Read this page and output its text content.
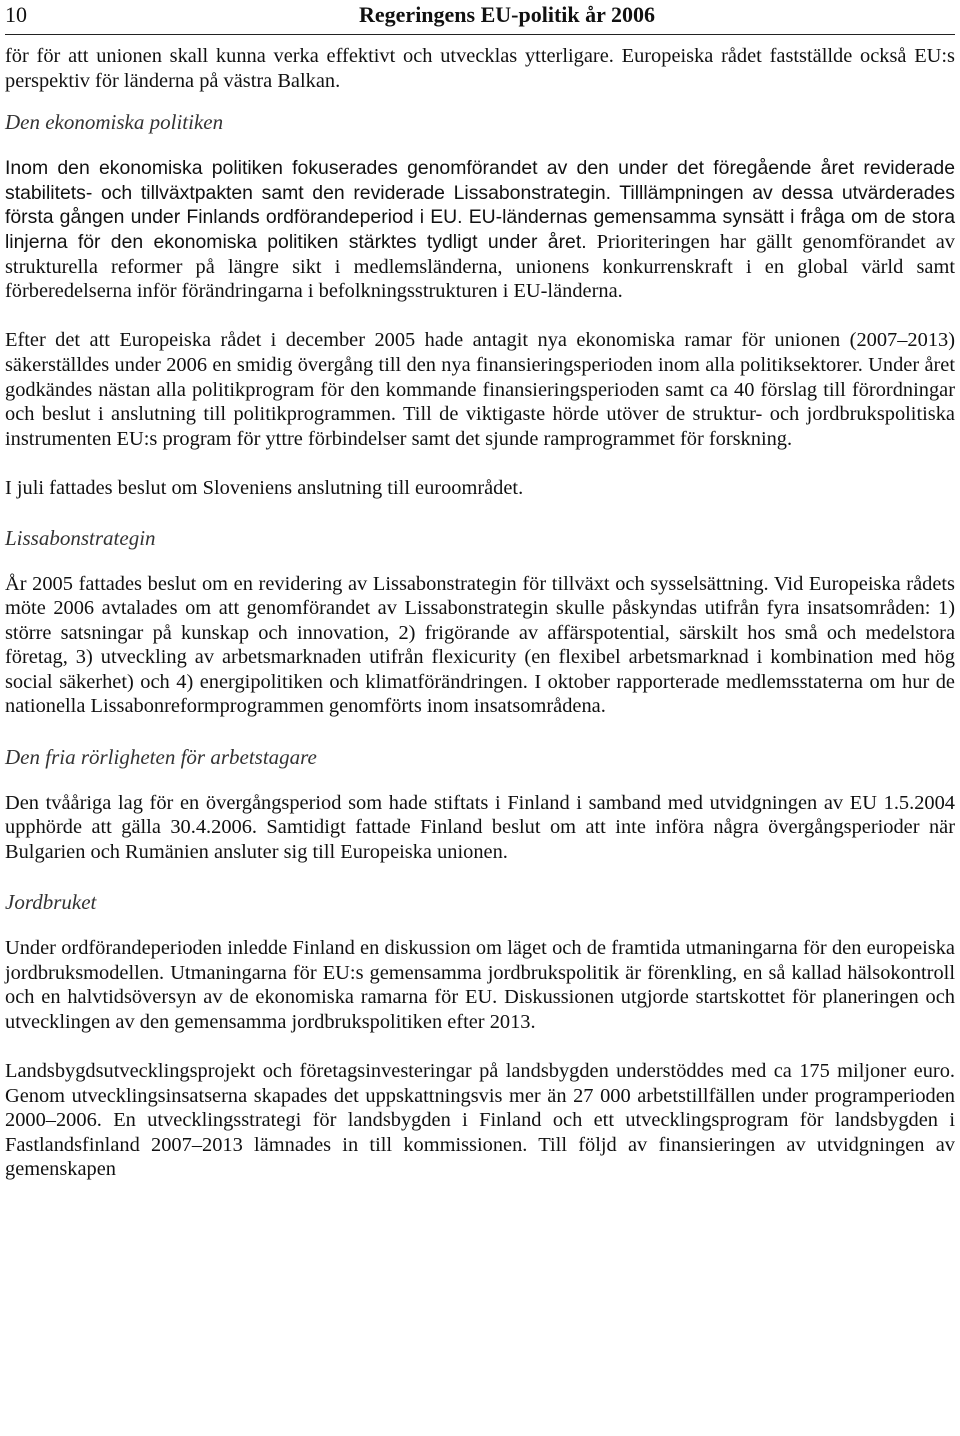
10	Regeringens EU-politik år 2006

för för att unionen skall kunna verka effektivt och utvecklas ytterligare. Europeiska rådet fastställde också EU:s perspektiv för länderna på västra Balkan.

Den ekonomiska politiken

Inom den ekonomiska politiken fokuserades genomförandet av den under det föregående året reviderade stabilitets- och tillväxtpakten samt den reviderade Lissabonstrategin. Tilllämpningen av dessa utvärderades första gången under Finlands ordförandeperiod i EU. EU-ländernas gemensamma synsätt i fråga om de stora linjerna för den ekonomiska politiken stärktes tydligt under året. Prioriteringen har gällt genomförandet av strukturella reformer på längre sikt i medlemsländerna, unionens konkurrenskraft i en global värld samt förberedelserna inför förändringarna i befolkningsstrukturen i EU-länderna.

Efter det att Europeiska rådet i december 2005 hade antagit nya ekonomiska ramar för unionen (2007–2013) säkerställdes under 2006 en smidig övergång till den nya finansieringsperioden inom alla politiksektorer. Under året godkändes nästan alla politikprogram för den kommande finansieringsperioden samt ca 40 förslag till förordningar och beslut i anslutning till politikprogrammen. Till de viktigaste hörde utöver de struktur- och jordbrukspolitiska instrumenten EU:s program för yttre förbindelser samt det sjunde ramprogrammet för forskning.

I juli fattades beslut om Sloveniens anslutning till euroområdet.

Lissabonstrategin

År 2005 fattades beslut om en revidering av Lissabonstrategin för tillväxt och sysselsättning. Vid Europeiska rådets möte 2006 avtalades om att genomförandet av Lissabonstrategin skulle påskyndas utifrån fyra insatsområden: 1) större satsningar på kunskap och innovation, 2) frigörande av affärspotential, särskilt hos små och medelstora företag, 3) utveckling av arbetsmarknaden utifrån flexicurity (en flexibel arbetsmarknad i kombination med hög social säkerhet) och 4) energipolitiken och klimatförändringen. I oktober rapporterade medlemsstaterna om hur de nationella Lissabonreformprogrammen genomförts inom insatsområdena.

Den fria rörligheten för arbetstagare

Den tvååriga lag för en övergångsperiod som hade stiftats i Finland i samband med utvidgningen av EU 1.5.2004 upphörde att gälla 30.4.2006. Samtidigt fattade Finland beslut om att inte införa några övergångsperioder när Bulgarien och Rumänien ansluter sig till Europeiska unionen.

Jordbruket

Under ordförandeperioden inledde Finland en diskussion om läget och de framtida utmaningarna för den europeiska jordbruksmodellen. Utmaningarna för EU:s gemensamma jordbrukspolitik är förenkling, en så kallad hälsokontroll och en halvtidsöversyn av de ekonomiska ramarna för EU. Diskussionen utgjorde startskottet för planeringen och utvecklingen av den gemensamma jordbrukspolitiken efter 2013.

Landsbygdsutvecklingsprojekt och företagsinvesteringar på landsbygden understöddes med ca 175 miljoner euro. Genom utvecklingsinsatserna skapades det uppskattningsvis mer än 27 000 arbetstillfällen under programperioden 2000–2006. En utvecklingsstrategi för landsbygden i Finland och ett utvecklingsprogram för landsbygden i Fastlandsfinland 2007–2013 lämnades in till kommissionen. Till följd av finansieringen av utvidgningen av gemenskapen
